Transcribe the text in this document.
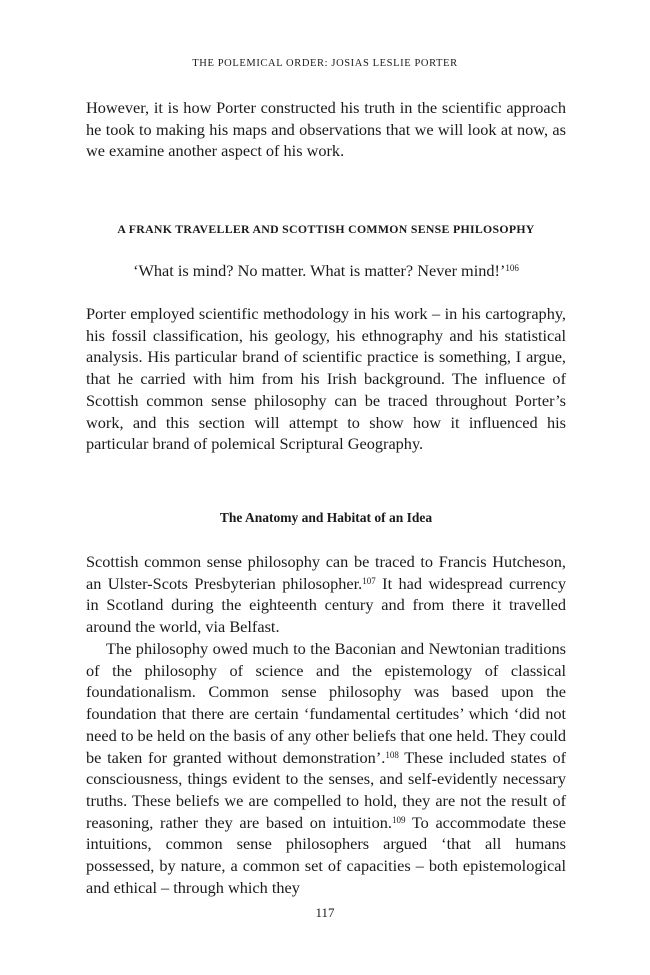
THE POLEMICAL ORDER: JOSIAS LESLIE PORTER

However, it is how Porter constructed his truth in the scientific approach he took to making his maps and observations that we will look at now, as we examine another aspect of his work.

A FRANK TRAVELLER AND SCOTTISH COMMON SENSE PHILOSOPHY

‘What is mind? No matter. What is matter? Never mind!’$^{106}$

Porter employed scientific methodology in his work – in his cartography, his fossil classification, his geology, his ethnography and his statistical analysis. His particular brand of scientific practice is something, I argue, that he carried with him from his Irish background. The influence of Scottish common sense philosophy can be traced throughout Porter’s work, and this section will attempt to show how it influenced his particular brand of polemical Scriptural Geography.

The Anatomy and Habitat of an Idea

Scottish common sense philosophy can be traced to Francis Hutcheson, an Ulster-Scots Presbyterian philosopher.$^{107}$ It had widespread currency in Scotland during the eighteenth century and from there it travelled around the world, via Belfast.

The philosophy owed much to the Baconian and Newtonian traditions of the philosophy of science and the epistemology of classical foundationalism. Common sense philosophy was based upon the foundation that there are certain ‘fundamental certitudes’ which ‘did not need to be held on the basis of any other beliefs that one held. They could be taken for granted without demonstration’.$^{108}$ These included states of consciousness, things evident to the senses, and self-evidently necessary truths. These beliefs we are compelled to hold, they are not the result of reasoning, rather they are based on intuition.$^{109}$ To accommodate these intuitions, common sense philosophers argued ‘that all humans possessed, by nature, a common set of capacities – both epistemological and ethical – through which they

117
